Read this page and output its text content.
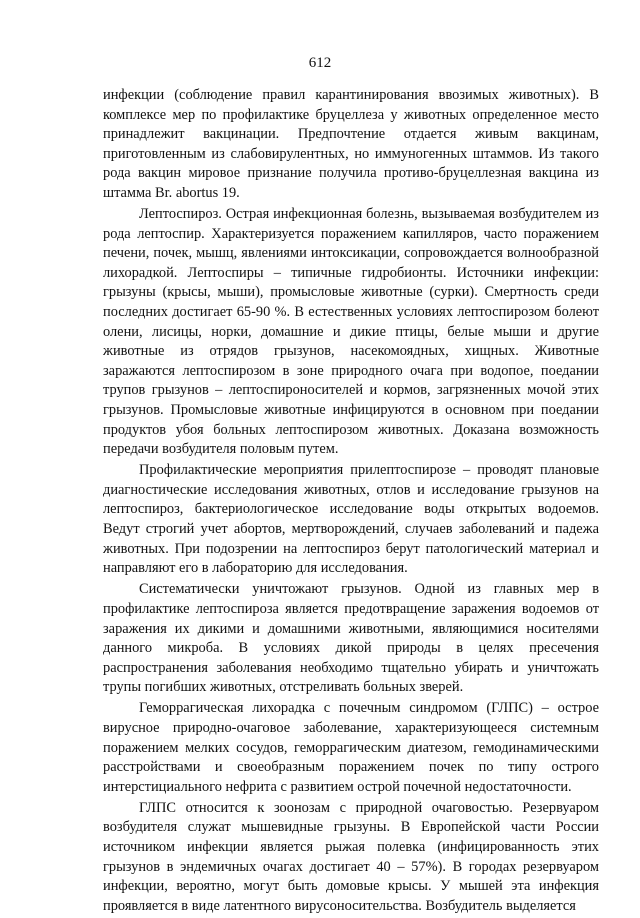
612

инфекции (соблюдение правил карантинирования ввозимых животных). В комплексе мер по профилактике бруцеллеза у животных определенное место принадлежит вакцинации. Предпочтение отдается живым вакцинам, приготовленным из слабовирулентных, но иммуногенных штаммов. Из такого рода вакцин мировое признание получила противо-бруцеллезная вакцина из штамма Br. abortus 19.

Лептоспироз. Острая инфекционная болезнь, вызываемая возбудителем из рода лептоспир. Характеризуется поражением капилляров, часто поражением печени, почек, мышц, явлениями интоксикации, сопровождается волнообразной лихорадкой. Лептоспиры – типичные гидробионты. Источники инфекции: грызуны (крысы, мыши), промысловые животные (сурки). Смертность среди последних достигает 65-90 %. В естественных условиях лептоспирозом болеют олени, лисицы, норки, домашние и дикие птицы, белые мыши и другие животные из отрядов грызунов, насекомоядных, хищных. Животные заражаются лептоспирозом в зоне природного очага при водопое, поедании трупов грызунов – лептоспироносителей и кормов, загрязненных мочой этих грызунов. Промысловые животные инфицируются в основном при поедании продуктов убоя больных лептоспирозом животных. Доказана возможность передачи возбудителя половым путем.

Профилактические мероприятия прилептоспирозе – проводят плановые диагностические исследования животных, отлов и исследование грызунов на лептоспироз, бактериологическое исследование воды открытых водоемов. Ведут строгий учет абортов, мертворождений, случаев заболеваний и падежа животных. При подозрении на лептоспироз берут патологический материал и направляют его в лабораторию для исследования.

Систематически уничтожают грызунов. Одной из главных мер в профилактике лептоспироза является предотвращение заражения водоемов от заражения их дикими и домашними животными, являющимися носителями данного микроба. В условиях дикой природы в целях пресечения распространения заболевания необходимо тщательно убирать и уничтожать трупы погибших животных, отстреливать больных зверей.

Геморрагическая лихорадка с почечным синдромом (ГЛПС) – острое вирусное природно-очаговое заболевание, характеризующееся системным поражением мелких сосудов, геморрагическим диатезом, гемодинамическими расстройствами и своеобразным поражением почек по типу острого интерстициального нефрита с развитием острой почечной недостаточности.

ГЛПС относится к зоонозам с природной очаговостью. Резервуаром возбудителя служат мышевидные грызуны. В Европейской части России источником инфекции является рыжая полевка (инфицированность этих грызунов в эндемичных очагах достигает 40 – 57%). В городах резервуаром инфекции, вероятно, могут быть домовые крысы. У мышей эта инфекция проявляется в виде латентного вирусоносительства. Возбудитель выделяется
